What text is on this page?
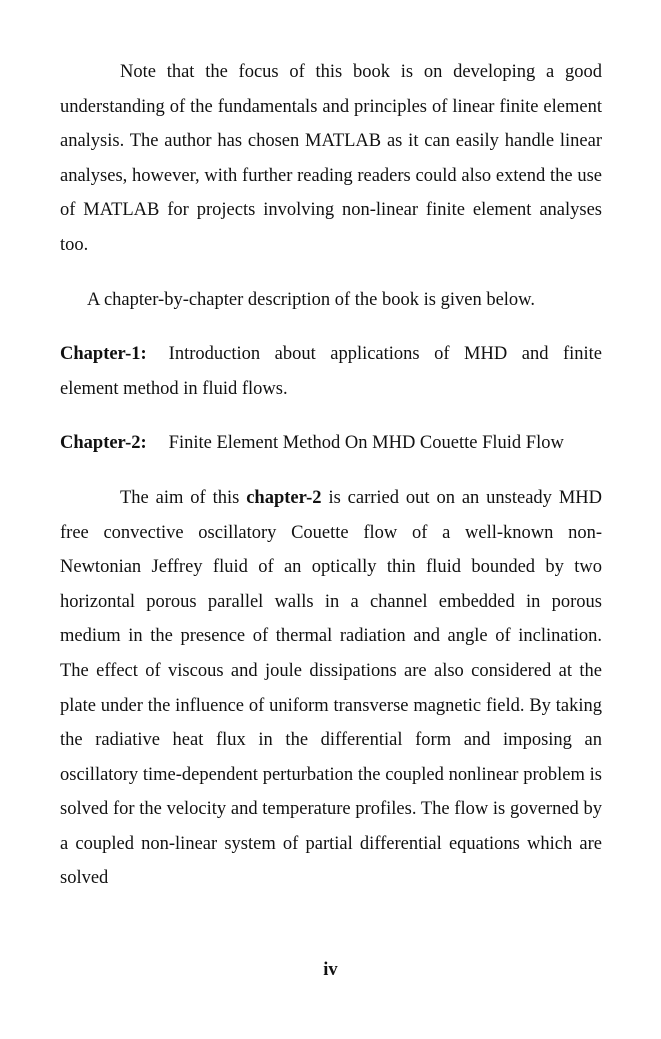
Note that the focus of this book is on developing a good understanding of the fundamentals and principles of linear finite element analysis. The author has chosen MATLAB as it can easily handle linear analyses, however, with further reading readers could also extend the use of MATLAB for projects involving non-linear finite element analyses too.

A chapter-by-chapter description of the book is given below.

Chapter-1: Introduction about applications of MHD and finite element method in fluid flows.

Chapter-2: Finite Element Method On MHD Couette Fluid Flow

The aim of this chapter-2 is carried out on an unsteady MHD free convective oscillatory Couette flow of a well-known non-Newtonian Jeffrey fluid of an optically thin fluid bounded by two horizontal porous parallel walls in a channel embedded in porous medium in the presence of thermal radiation and angle of inclination. The effect of viscous and joule dissipations are also considered at the plate under the influence of uniform transverse magnetic field. By taking the radiative heat flux in the differential form and imposing an oscillatory time-dependent perturbation the coupled nonlinear problem is solved for the velocity and temperature profiles. The flow is governed by a coupled non-linear system of partial differential equations which are solved

iv
